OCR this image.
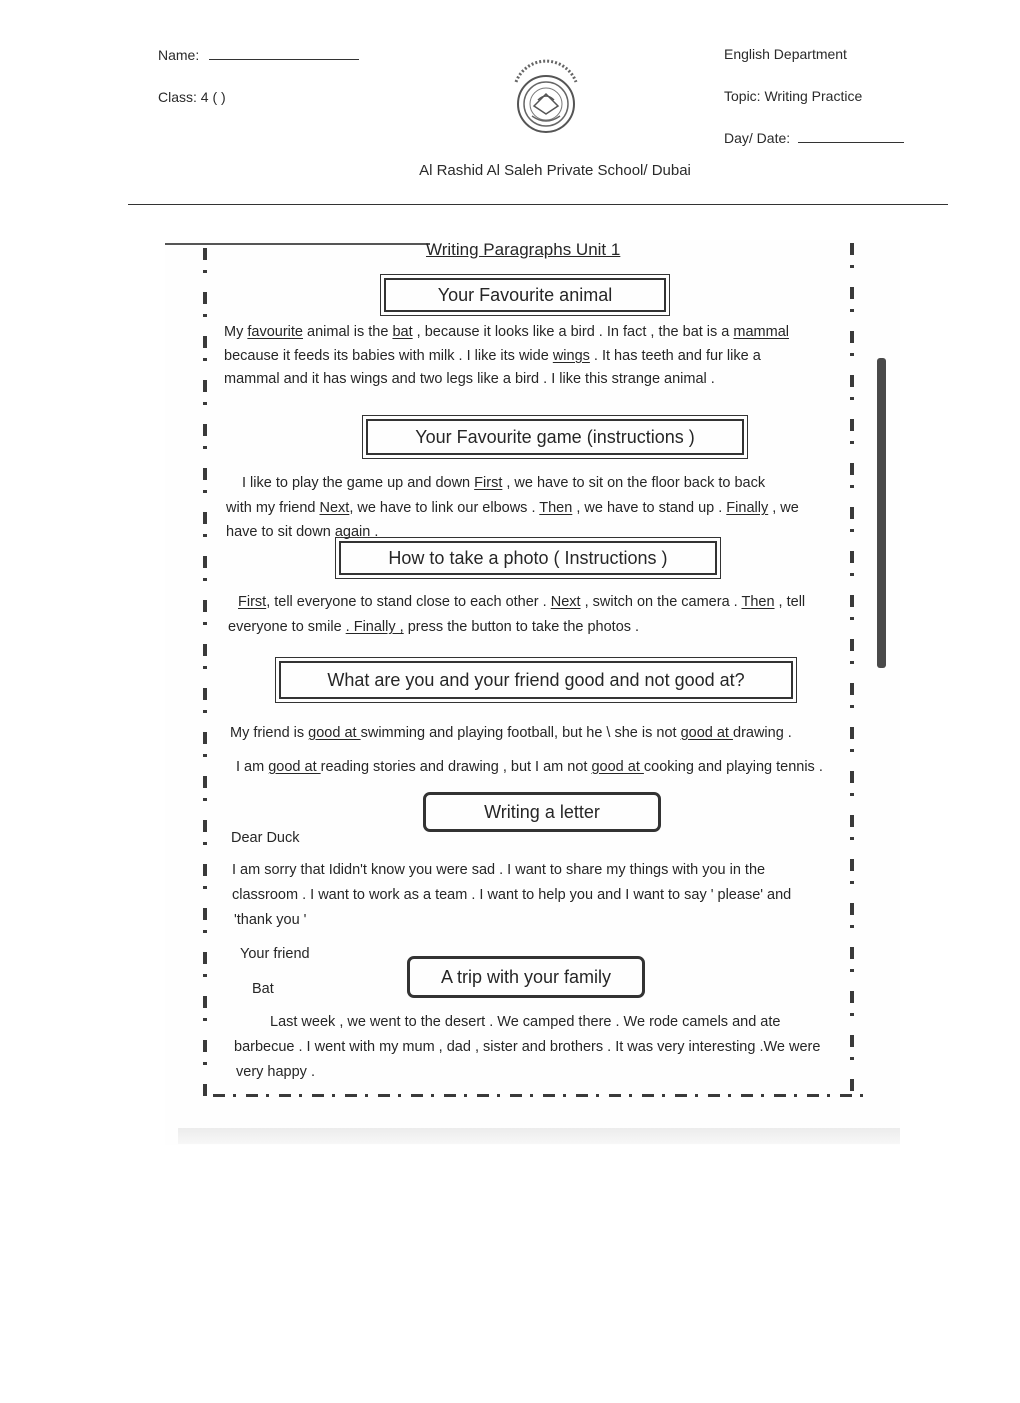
Name:
Class: 4 ( )
English Department
Topic: Writing Practice
Day/ Date:
Al Rashid Al Saleh Private School/ Dubai
Writing Paragraphs Unit 1
Your Favourite animal
My favourite animal is the bat , because it looks like a bird . In fact , the bat is a mammal
because it feeds its babies with milk . I like its wide wings . It has teeth and fur like a
mammal and it has wings and two legs like a bird . I like this strange animal .
Your Favourite game (instructions )
I like to play the game up and down First , we have to sit on the floor back to back
with my friend Next, we have to link our elbows . Then , we have to stand up . Finally , we
have to sit down again .
How to take a photo ( Instructions )
First, tell everyone to stand close to each other . Next , switch on the camera . Then , tell
everyone to smile . Finally , press the button to take the photos .
What are you and your friend good and not good at?
My friend is good at swimming and playing football, but he \ she is not good at drawing .
I am good at reading stories and drawing , but I am not good at cooking and playing tennis .
Writing a letter
Dear Duck
I am sorry that Ididn't know you were sad . I want to share my things with you in the
classroom . I want to work as a team . I want to help you and I want to say ' please' and
'thank you '
Your friend
Bat
A trip with your family
Last week , we went to the desert . We camped there . We rode camels and ate
barbecue . I went with my mum , dad , sister and brothers . It was very interesting .We were
very happy .
